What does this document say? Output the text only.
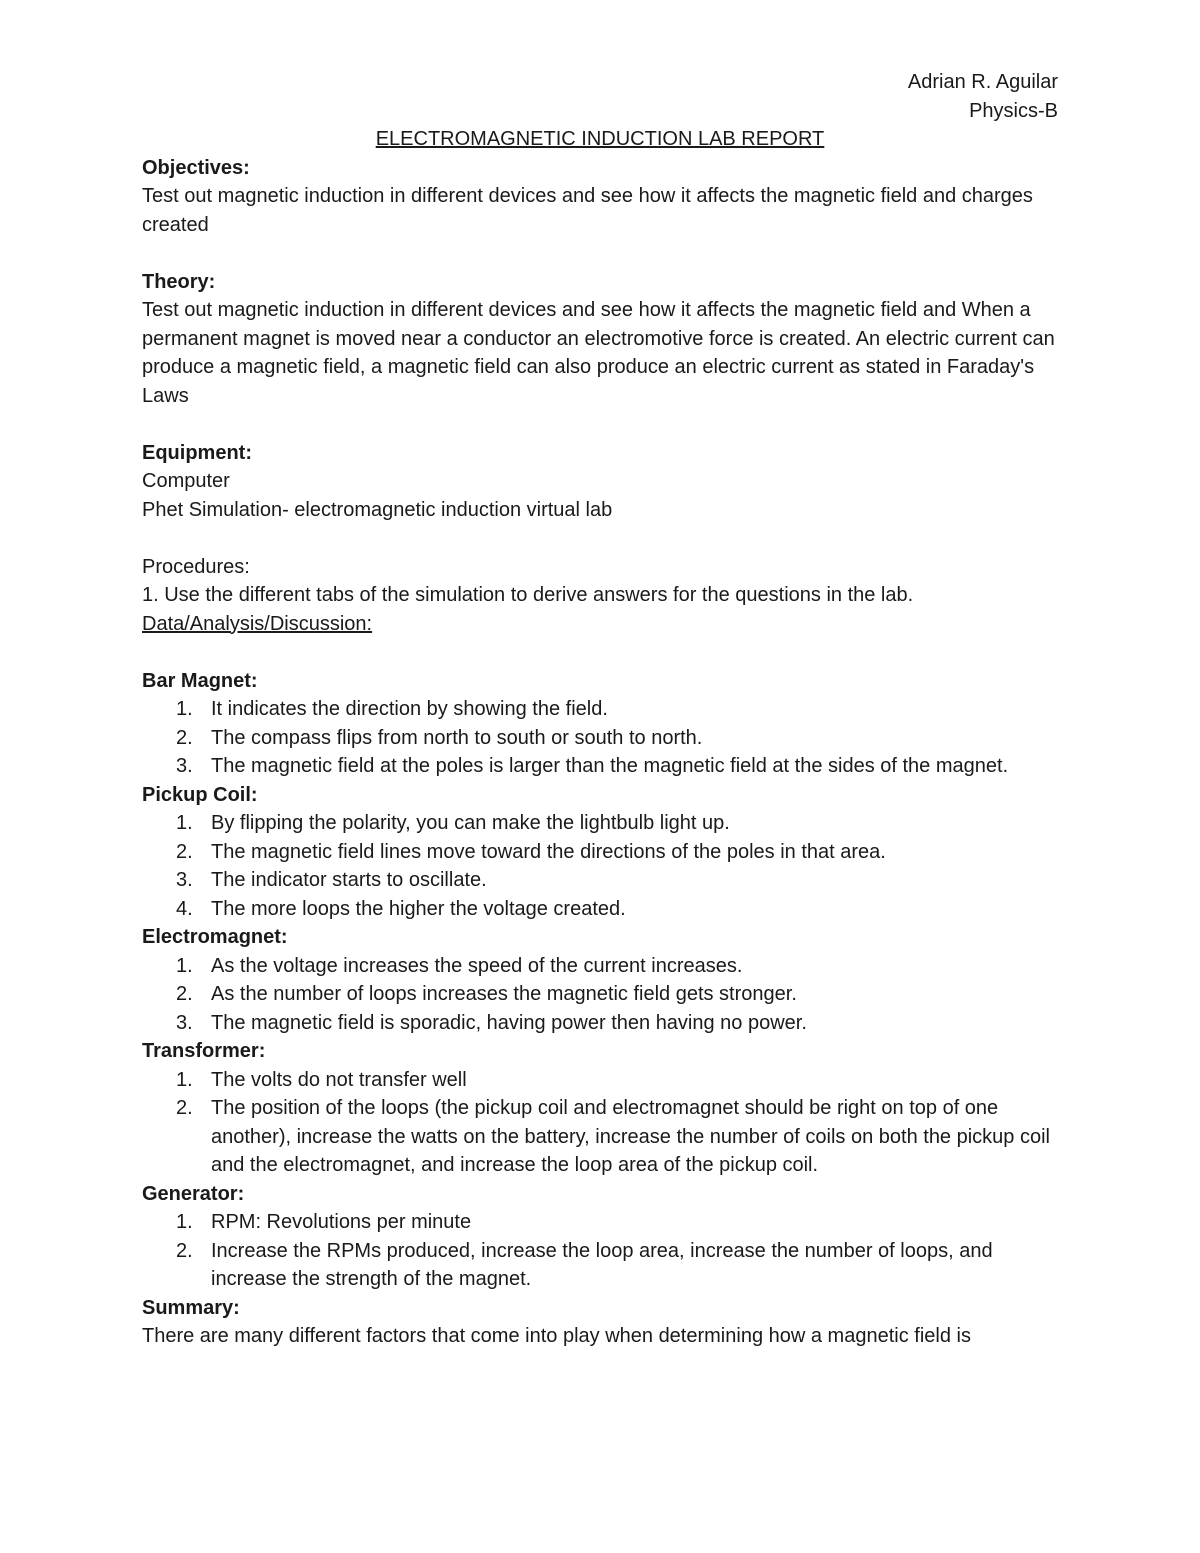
Adrian R. Aguilar

Physics-B

ELECTROMAGNETIC INDUCTION LAB REPORT

Objectives:

Test out magnetic induction in different devices and see how it affects the magnetic field and charges created

Theory:

Test out magnetic induction in different devices and see how it affects the magnetic field and When a permanent magnet is moved near a conductor an electromotive force is created. An electric current can produce a magnetic field, a magnetic field can also produce an electric current as stated in Faraday's Laws

Equipment:

Computer

Phet Simulation- electromagnetic induction virtual lab

Procedures:

1. Use the different tabs of the simulation to derive answers for the questions in the lab.

Data/Analysis/Discussion:

Bar Magnet:

1. It indicates the direction by showing the field.
2. The compass flips from north to south or south to north.
3. The magnetic field at the poles is larger than the magnetic field at the sides of the magnet.

Pickup Coil:

1. By flipping the polarity, you can make the lightbulb light up.
2. The magnetic field lines move toward the directions of the poles in that area.
3. The indicator starts to oscillate.
4. The more loops the higher the voltage created.

Electromagnet:

1. As the voltage increases the speed of the current increases.
2. As the number of loops increases the magnetic field gets stronger.
3. The magnetic field is sporadic, having power then having no power.

Transformer:

1. The volts do not transfer well
2. The position of the loops (the pickup coil and electromagnet should be right on top of one another), increase the watts on the battery, increase the number of coils on both the pickup coil and the electromagnet, and increase the loop area of the pickup coil.

Generator:

1. RPM: Revolutions per minute
2. Increase the RPMs produced, increase the loop area, increase the number of loops, and increase the strength of the magnet.

Summary:

There are many different factors that come into play when determining how a magnetic field is
